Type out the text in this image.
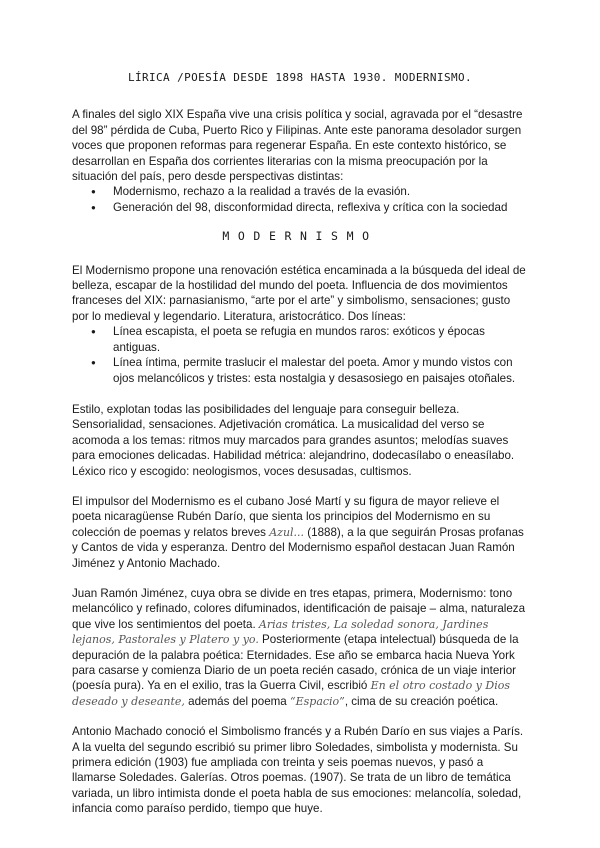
LÍRICA /POESÍA DESDE 1898 HASTA 1930. MODERNISMO.

A finales del siglo XIX España vive una crisis política y social, agravada por el “desastre del 98” pérdida de Cuba, Puerto Rico y Filipinas. Ante este panorama desolador surgen voces que proponen reformas para regenerar España. En este contexto histórico, se desarrollan en España dos corrientes literarias con la misma preocupación por la situación del país, pero desde perspectivas distintas:

● Modernismo, rechazo a la realidad a través de la evasión.
● Generación del 98, disconformidad directa, reflexiva y crítica con la sociedad
MODERNISMO

El Modernismo propone una renovación estética encaminada a la búsqueda del ideal de belleza, escapar de la hostilidad del mundo del poeta. Influencia de dos movimientos franceses del XIX: parnasianismo, “arte por el arte” y simbolismo, sensaciones; gusto por lo medieval y legendario. Literatura, aristocrático. Dos líneas:

● Línea escapista, el poeta se refugia en mundos raros: exóticos y épocas antiguas.
● Línea íntima, permite traslucir el malestar del poeta. Amor y mundo vistos con ojos melancólicos y tristes: esta nostalgia y desasosiego en paisajes otoñales.

Estilo, explotan todas las posibilidades del lenguaje para conseguir belleza. Sensorialidad, sensaciones. Adjetivación cromática. La musicalidad del verso se acomoda a los temas: ritmos muy marcados para grandes asuntos; melodías suaves para emociones delicadas. Habilidad métrica: alejandrino, dodecasílabo o eneasílabo. Léxico rico y escogido: neologismos, voces desusadas, cultismos.

El impulsor del Modernismo es el cubano José Martí y su figura de mayor relieve el poeta nicaragüense Rubén Darío, que sienta los principios del Modernismo en su colección de poemas y relatos breves Azul... (1888), a la que seguirán Prosas profanas y Cantos de vida y esperanza. Dentro del Modernismo español destacan Juan Ramón Jiménez y Antonio Machado.

Juan Ramón Jiménez, cuya obra se divide en tres etapas, primera, Modernismo: tono melancólico y refinado, colores difuminados, identificación de paisaje – alma, naturaleza que vive los sentimientos del poeta. Arias tristes, La soledad sonora, Jardines lejanos, Pastorales y Platero y yo. Posteriormente (etapa intelectual) búsqueda de la depuración de la palabra poética: Eternidades. Ese año se embarca hacia Nueva York para casarse y comienza Diario de un poeta recién casado, crónica de un viaje interior (poesía pura). Ya en el exilio, tras la Guerra Civil, escribió En el otro costado y Dios deseado y deseante, además del poema “Espacio”, cima de su creación poética.

Antonio Machado conoció el Simbolismo francés y a Rubén Darío en sus viajes a París. A la vuelta del segundo escribió su primer libro Soledades, simbolista y modernista. Su primera edición (1903) fue ampliada con treinta y seis poemas nuevos, y pasó a llamarse Soledades. Galerías. Otros poemas. (1907). Se trata de un libro de temática variada, un libro intimista donde el poeta habla de sus emociones: melancolía, soledad, infancia como paraíso perdido, tiempo que huye.
